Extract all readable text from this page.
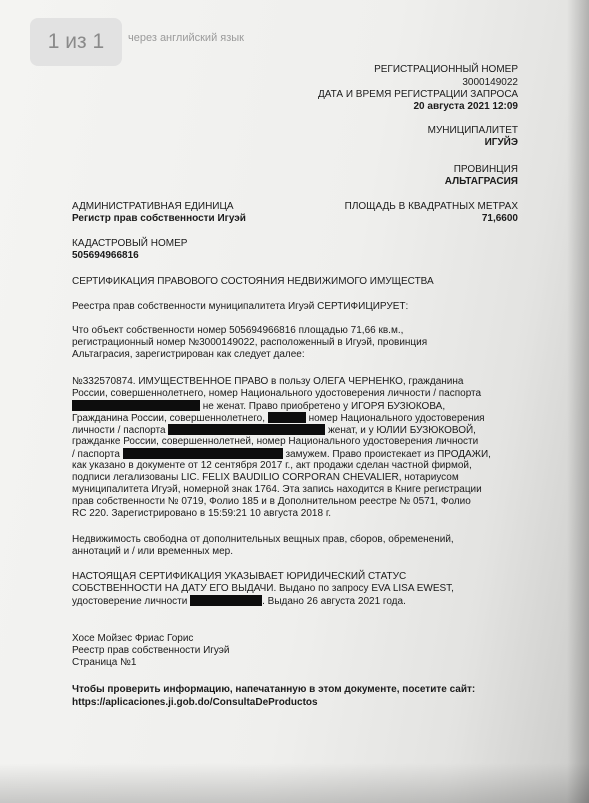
1 из 1	через английский язык
РЕГИСТРАЦИОННЫЙ НОМЕР
3000149022
ДАТА И ВРЕМЯ РЕГИСТРАЦИИ ЗАПРОСА
20 августа 2021 12:09
МУНИЦИПАЛИТЕТ
ИГУЙЭ
ПРОВИНЦИЯ
АЛЬТАГРАСИЯ
АДМИНИСТРАТИВНАЯ ЕДИНИЦА
Регистр прав собственности Игуэй
ПЛОЩАДЬ В КВАДРАТНЫХ МЕТРАХ
71,6600
КАДАСТРОВЫЙ НОМЕР
505694966816
СЕРТИФИКАЦИЯ ПРАВОВОГО СОСТОЯНИЯ НЕДВИЖИМОГО ИМУЩЕСТВА
Реестра прав собственности муниципалитета Игуэй СЕРТИФИЦИРУЕТ:
Что объект собственности номер 505694966816 площадью 71,66 кв.м.,
регистрационный номер №3000149022, расположенный в Игуэй, провинция
Альтаграсия, зарегистрирован как следует далее:
№332570874. ИМУЩЕСТВЕННОЕ ПРАВО в пользу ОЛЕГА ЧЕРНЕНКО, гражданина
России, совершеннолетнего, номер Национального удостоверения личности / паспорта
не женат. Право приобретено у ИГОРЯ БУЗЮКОВА,
Гражданина России, совершеннолетнего,	номер Национального удостоверения
личности / паспорта	женат, и у ЮЛИИ БУЗЮКОВОЙ,
гражданке России, совершеннолетней, номер Национального удостоверения личности
/ паспорта	замужем. Право проистекает из ПРОДАЖИ,
как указано в документе от 12 сентября 2017 г., акт продажи сделан частной фирмой,
подписи легализованы LIC. FELIX BAUDILIO CORPORAN CHEVALIER, нотариусом
муниципалитета Игуэй, номерной знак 1764. Эта запись находится в Книге регистрации
прав собственности № 0719, Фолио 185 и в Дополнительном реестре № 0571, Фолио
RC 220. Зарегистрировано в 15:59:21 10 августа 2018 г.
Недвижимость свободна от дополнительных вещных прав, сборов, обременений,
аннотаций и / или временных мер.
НАСТОЯЩАЯ СЕРТИФИКАЦИЯ УКАЗЫВАЕТ ЮРИДИЧЕСКИЙ СТАТУС
СОБСТВЕННОСТИ НА ДАТУ ЕГО ВЫДАЧИ. Выдано по запросу EVA LISA EWEST,
удостоверение личности	. Выдано 26 августа 2021 года.
Хосе Мойзес Фриас Горис
Реестр прав собственности Игуэй
Страница №1
Чтобы проверить информацию, напечатанную в этом документе, посетите сайт:
https://aplicaciones.ji.gob.do/ConsultaDeProductos
